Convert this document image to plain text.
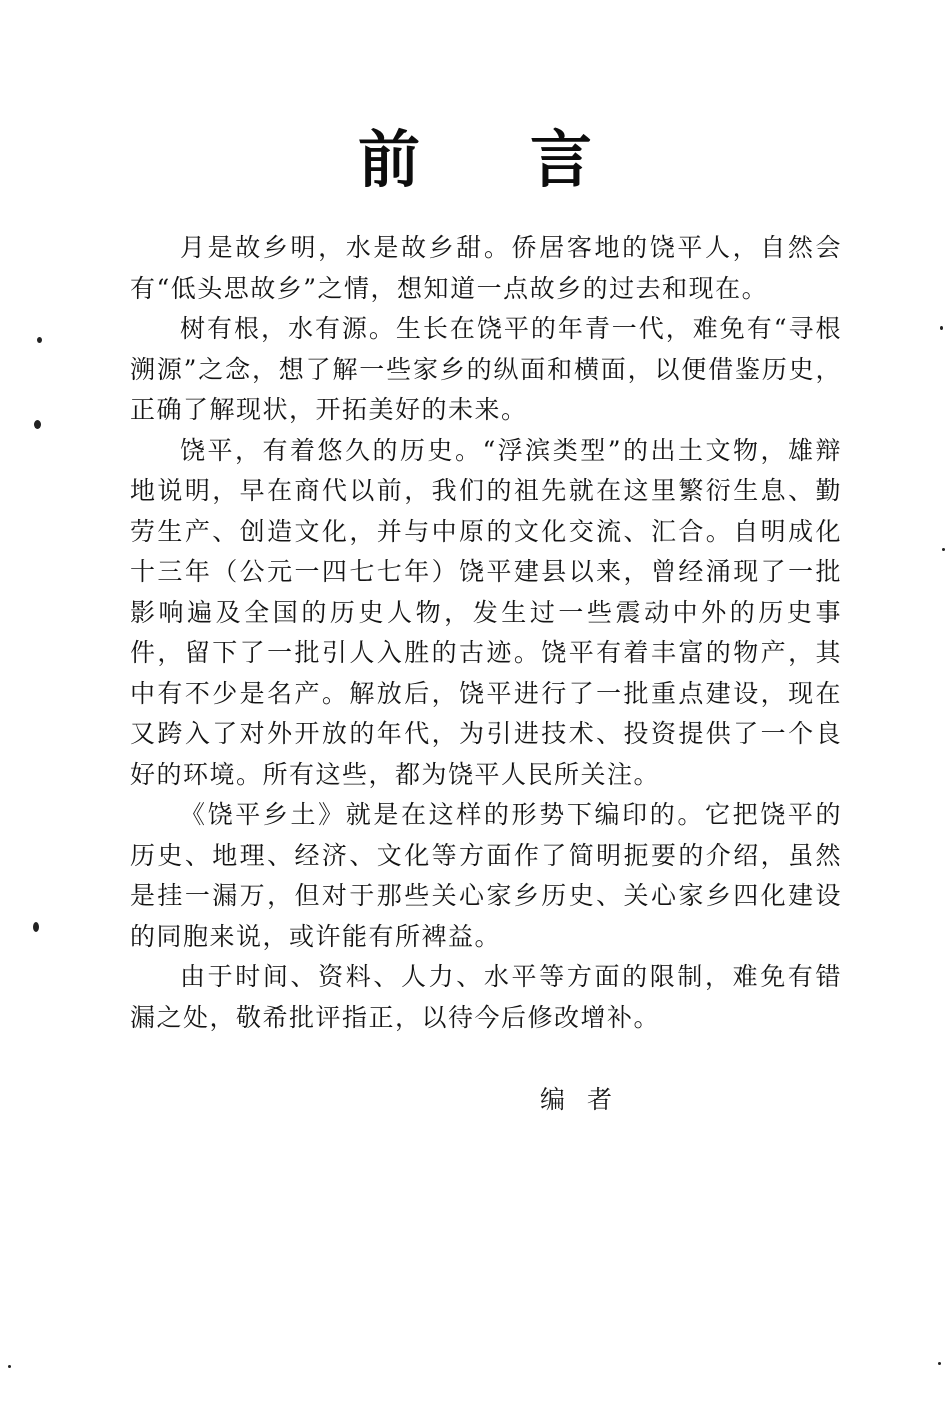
前言

月是故乡明，水是故乡甜。侨居客地的饶平人，自然会有“低头思故乡”之情，想知道一点故乡的过去和现在。

树有根，水有源。生长在饶平的年青一代，难免有“寻根溯源”之念，想了解一些家乡的纵面和横面，以便借鉴历史，正确了解现状，开拓美好的未来。

饶平，有着悠久的历史。“浮滨类型”的出土文物，雄辩地说明，早在商代以前，我们的祖先就在这里繁衍生息、勤劳生产、创造文化，并与中原的文化交流、汇合。自明成化十三年（公元一四七七年）饶平建县以来，曾经涌现了一批影响遍及全国的历史人物，发生过一些震动中外的历史事件，留下了一批引人入胜的古迹。饶平有着丰富的物产，其中有不少是名产。解放后，饶平进行了一批重点建设，现在又跨入了对外开放的年代，为引进技术、投资提供了一个良好的环境。所有这些，都为饶平人民所关注。

《饶平乡土》就是在这样的形势下编印的。它把饶平的历史、地理、经济、文化等方面作了简明扼要的介绍，虽然是挂一漏万，但对于那些关心家乡历史、关心家乡四化建设的同胞来说，或许能有所裨益。

由于时间、资料、人力、水平等方面的限制，难免有错漏之处，敬希批评指正，以待今后修改增补。

编者
